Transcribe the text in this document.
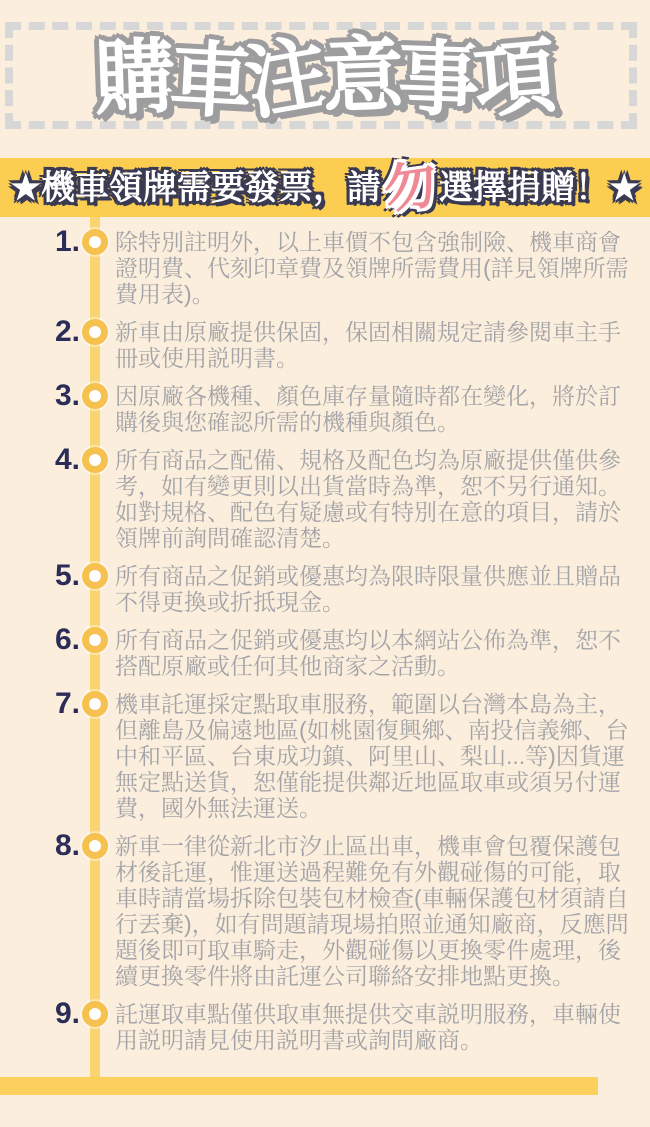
購
車
注
意
事
項
★ 機車領牌需要發票，請 勿 選擇捐贈！ ★
1. 除特別註明外，以上車價不包含強制險、機車商會證明費、代刻印章費及領牌所需費用(詳見領牌所需費用表)。
2. 新車由原廠提供保固，保固相關規定請參閱車主手冊或使用説明書。
3. 因原廠各機種、顏色庫存量隨時都在變化，將於訂購後與您確認所需的機種與顏色。
4. 所有商品之配備、規格及配色均為原廠提供僅供參考，如有變更則以出貨當時為準，恕不另行通知。如對規格、配色有疑慮或有特別在意的項目，請於領牌前詢問確認清楚。
5. 所有商品之促銷或優惠均為限時限量供應並且贈品不得更換或折抵現金。
6. 所有商品之促銷或優惠均以本網站公佈為準，恕不搭配原廠或任何其他商家之活動。
7. 機車託運採定點取車服務，範圍以台灣本島為主，但離島及偏遠地區(如桃園復興鄉、南投信義鄉、台中和平區、台東成功鎮、阿里山、梨山...等)因貨運無定點送貨，恕僅能提供鄰近地區取車或須另付運費，國外無法運送。
8. 新車一律從新北市汐止區出車，機車會包覆保護包材後託運，惟運送過程難免有外觀碰傷的可能，取車時請當場拆除包裝包材檢查(車輛保護包材須請自行丟棄)，如有問題請現場拍照並通知廠商，反應問題後即可取車騎走，外觀碰傷以更換零件處理，後續更換零件將由託運公司聯絡安排地點更換。
9. 託運取車點僅供取車無提供交車説明服務，車輛使用説明請見使用説明書或詢問廠商。
